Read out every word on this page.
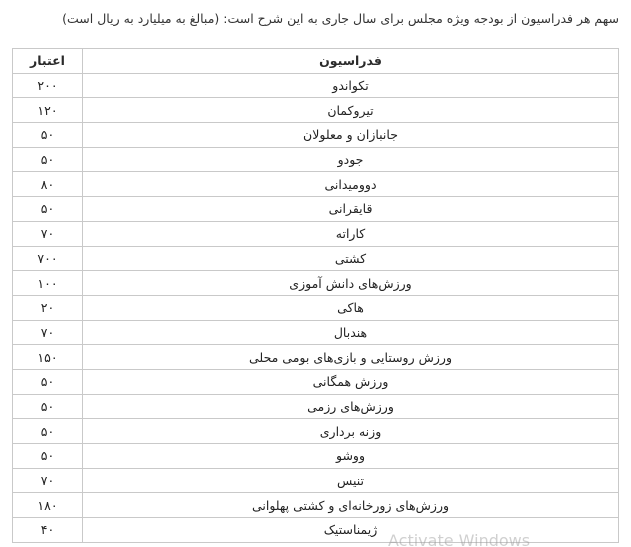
سهم هر فدراسیون از بودجه ویژه مجلس برای سال جاری به این شرح است: (مبالغ به میلیارد به ریال است)
فدراسیون	اعتبار
تکواندو	۲۰۰
تیروکمان	۱۲۰
جانبازان و معلولان	۵۰
جودو	۵۰
دوومیدانی	۸۰
قایقرانی	۵۰
کاراته	۷۰
کشتی	۷۰۰
ورزش‌های دانش آموزی	۱۰۰
هاکی	۲۰
هندبال	۷۰
ورزش روستایی و بازی‌های بومی محلی	۱۵۰
ورزش همگانی	۵۰
ورزش‌های رزمی	۵۰
وزنه برداری	۵۰
ووشو	۵۰
تنیس	۷۰
ورزش‌های زورخانه‌ای و کشتی پهلوانی	۱۸۰
ژیمناستیک	۴۰
Activate Windows
